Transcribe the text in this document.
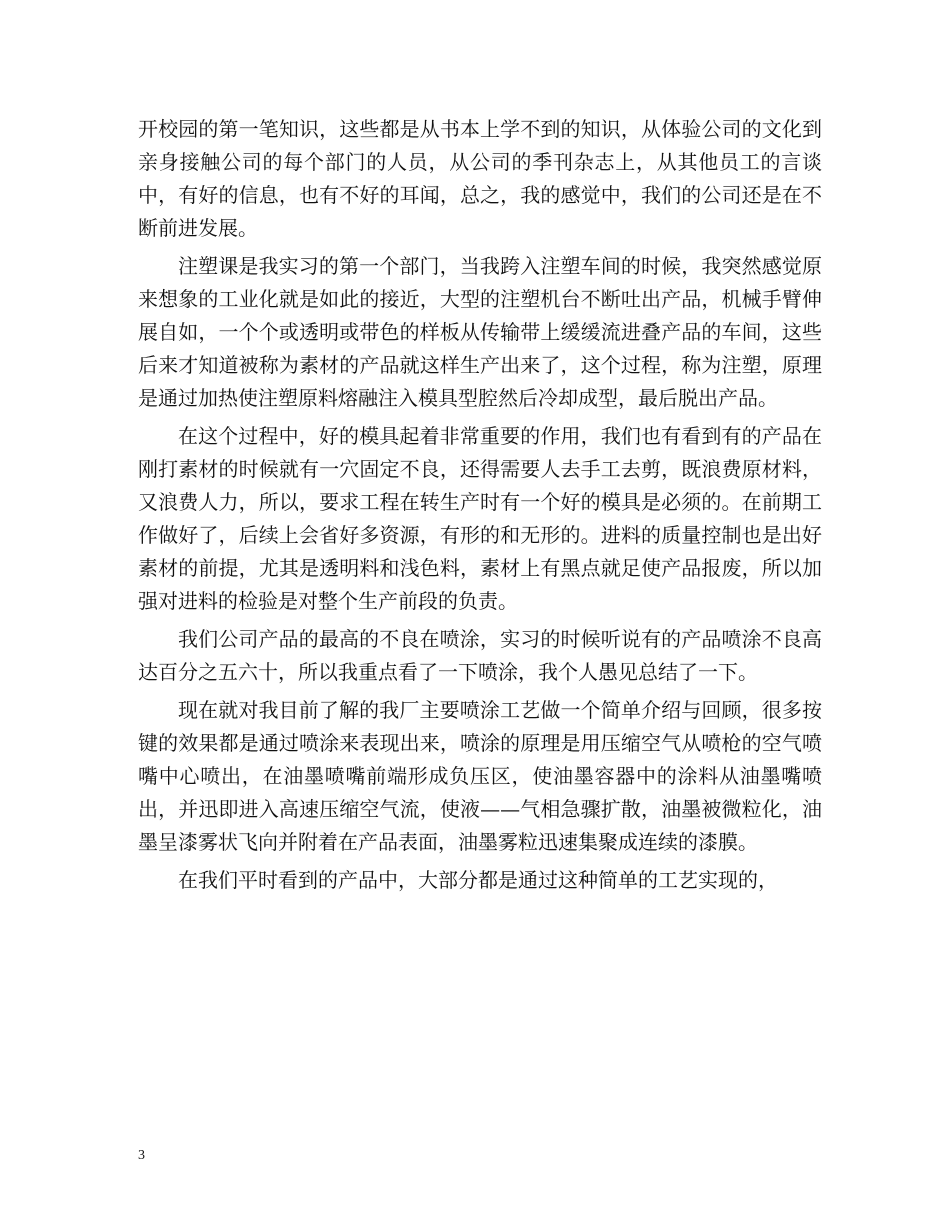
开校园的第一笔知识，这些都是从书本上学不到的知识，从体验公司的文化到亲身接触公司的每个部门的人员，从公司的季刊杂志上，从其他员工的言谈中，有好的信息，也有不好的耳闻，总之，我的感觉中，我们的公司还是在不断前进发展。

注塑课是我实习的第一个部门，当我跨入注塑车间的时候，我突然感觉原来想象的工业化就是如此的接近，大型的注塑机台不断吐出产品，机械手臂伸展自如，一个个或透明或带色的样板从传输带上缓缓流进叠产品的车间，这些后来才知道被称为素材的产品就这样生产出来了，这个过程，称为注塑，原理是通过加热使注塑原料熔融注入模具型腔然后冷却成型，最后脱出产品。

在这个过程中，好的模具起着非常重要的作用，我们也有看到有的产品在刚打素材的时候就有一穴固定不良，还得需要人去手工去剪，既浪费原材料，又浪费人力，所以，要求工程在转生产时有一个好的模具是必须的。在前期工作做好了，后续上会省好多资源，有形的和无形的。进料的质量控制也是出好素材的前提，尤其是透明料和浅色料，素材上有黑点就足使产品报废，所以加强对进料的检验是对整个生产前段的负责。

我们公司产品的最高的不良在喷涂，实习的时候听说有的产品喷涂不良高达百分之五六十，所以我重点看了一下喷涂，我个人愚见总结了一下。

现在就对我目前了解的我厂主要喷涂工艺做一个简单介绍与回顾，很多按键的效果都是通过喷涂来表现出来，喷涂的原理是用压缩空气从喷枪的空气喷嘴中心喷出，在油墨喷嘴前端形成负压区，使油墨容器中的涂料从油墨嘴喷出，并迅即进入高速压缩空气流，使液——气相急骤扩散，油墨被微粒化，油墨呈漆雾状飞向并附着在产品表面，油墨雾粒迅速集聚成连续的漆膜。

在我们平时看到的产品中，大部分都是通过这种简单的工艺实现的，

3
